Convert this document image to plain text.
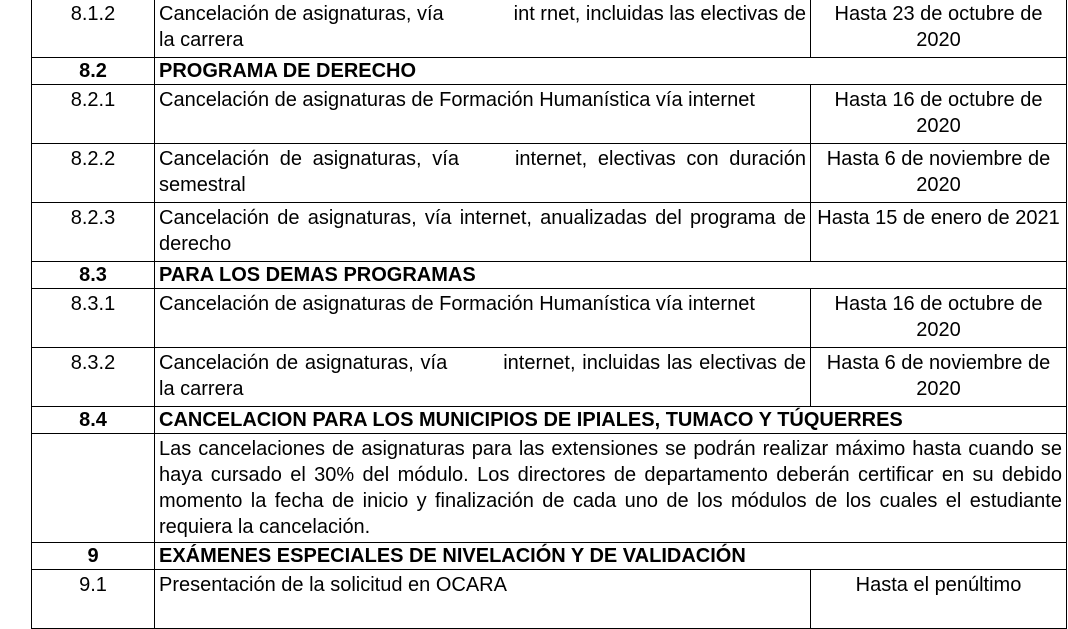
8.1.2	Cancelación de asignaturas, vía int rnet, incluidas las electivas de la carrera	Hasta 23 de octubre de 2020
8.2	PROGRAMA DE DERECHO	
8.2.1	Cancelación de asignaturas de Formación Humanística vía internet	Hasta 16 de octubre de 2020
8.2.2	Cancelación de asignaturas, vía internet, electivas con duración semestral	Hasta 6 de noviembre de 2020
8.2.3	Cancelación de asignaturas, vía internet, anualizadas del programa de derecho	Hasta 15 de enero de 2021
8.3	PARA LOS DEMAS PROGRAMAS	
8.3.1	Cancelación de asignaturas de Formación Humanística vía internet	Hasta 16 de octubre de 2020
8.3.2	Cancelación de asignaturas, vía internet, incluidas las electivas de la carrera	Hasta 6 de noviembre de 2020
8.4	CANCELACION PARA LOS MUNICIPIOS DE IPIALES, TUMACO Y TÚQUERRES	
	Las cancelaciones de asignaturas para las extensiones se podrán realizar máximo hasta cuando se haya cursado el 30% del módulo. Los directores de departamento deberán certificar en su debido momento la fecha de inicio y finalización de cada uno de los módulos de los cuales el estudiante requiera la cancelación.	
9	EXÁMENES ESPECIALES DE NIVELACIÓN Y DE VALIDACIÓN	
9.1	Presentación de la solicitud en OCARA	Hasta el penúltimo
